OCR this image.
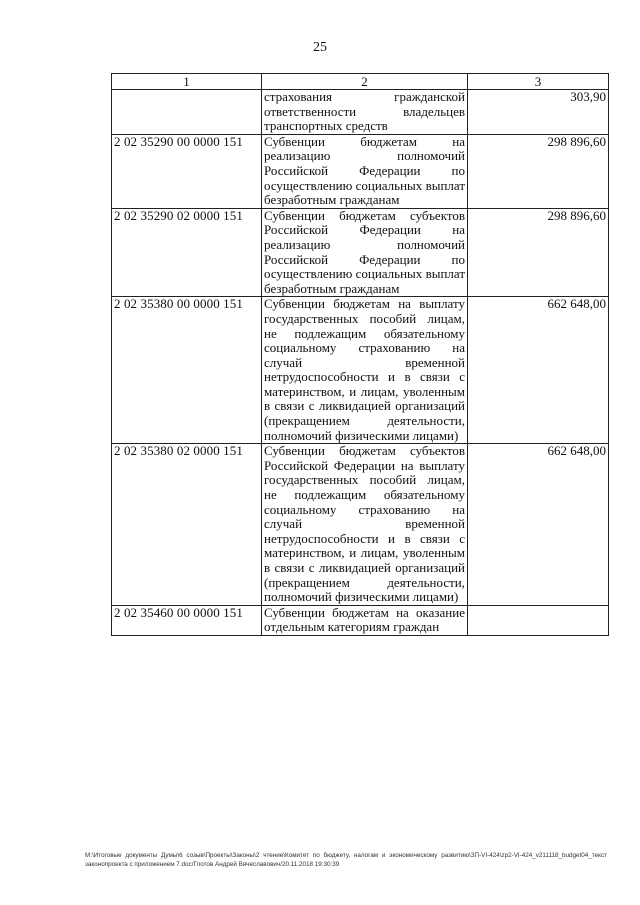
25
1	2	3
	страхования гражданской ответственности владельцев транспортных средств	303,90
2 02 35290 00 0000 151	Субвенции бюджетам на реализацию полномочий Российской Федерации по осуществлению социальных выплат безработным гражданам	298 896,60
2 02 35290 02 0000 151	Субвенции бюджетам субъектов Российской Федерации на реализацию полномочий Российской Федерации по осуществлению социальных выплат безработным гражданам	298 896,60
2 02 35380 00 0000 151	Субвенции бюджетам на выплату государственных пособий лицам, не подлежащим обязательному социальному страхованию на случай временной нетрудоспособности и в связи с материнством, и лицам, уволенным в связи с ликвидацией организаций (прекращением деятельности, полномочий физическими лицами)	662 648,00
2 02 35380 02 0000 151	Субвенции бюджетам субъектов Российской Федерации на выплату государственных пособий лицам, не подлежащим обязательному социальному страхованию на случай временной нетрудоспособности и в связи с материнством, и лицам, уволенным в связи с ликвидацией организаций (прекращением деятельности, полномочий физическими лицами)	662 648,00
2 02 35460 00 0000 151	Субвенции бюджетам на оказание отдельным категориям граждан	
M:\Итоговые документы Думы\6 созыв\Проекты\Законы\2 чтение\Комитет по бюджету, налогам и экономическому развитию\ЗП-VI-424\zp2-VI-424_v211118_budget04_текст законопроекта с приложением 7.doc/Глотов Андрей Вячеславович/20.11.2018 19:30:39
